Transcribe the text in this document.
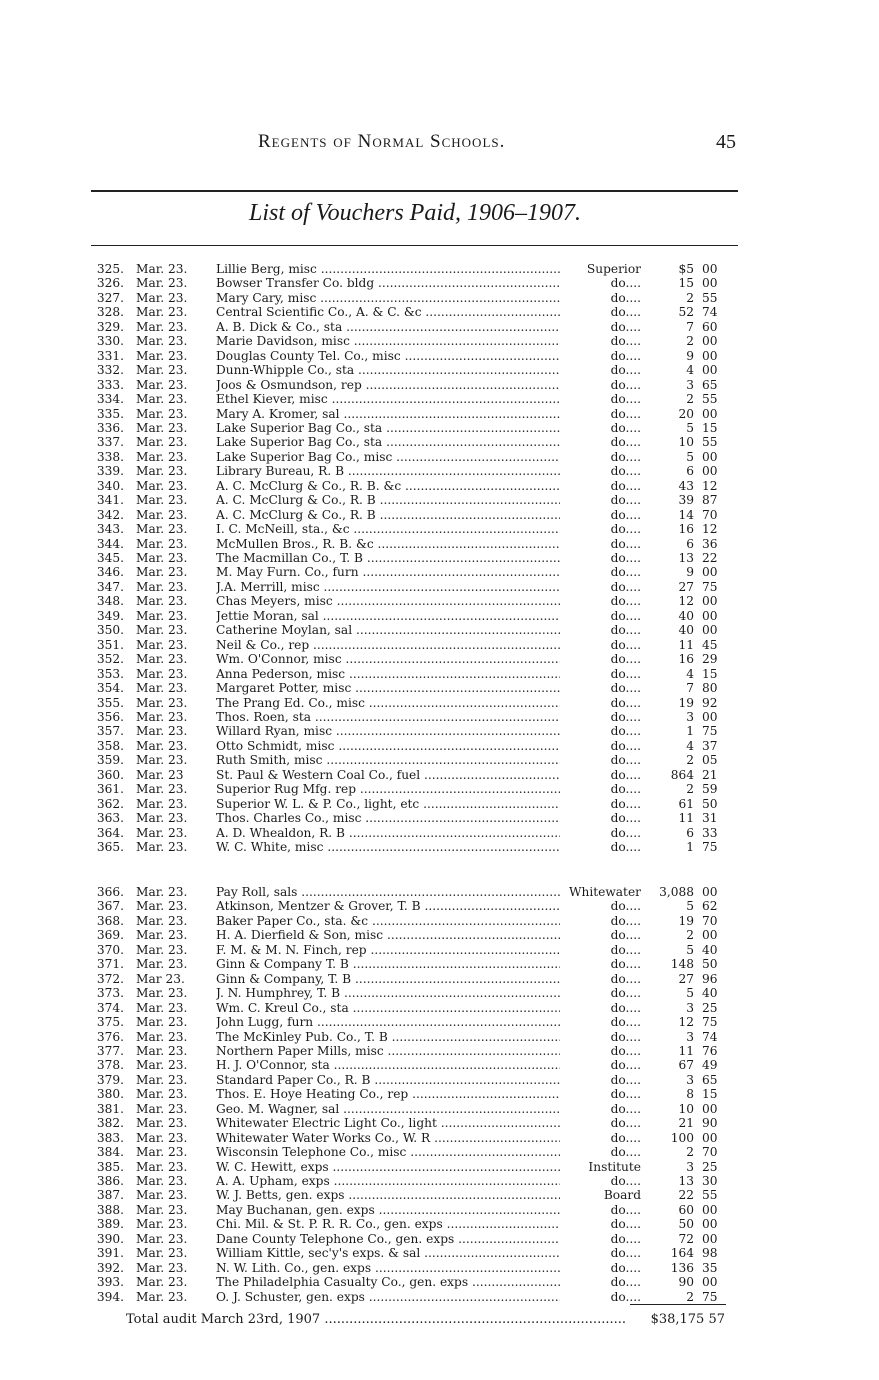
Regents of Normal Schools.	45
List of Vouchers Paid, 1906–1907.
325. Mar. 23.	Lillie Berg, misc .....	Superior	$5 00
326. Mar. 23.	Bowser Transfer Co. bldg .....	do....	15 00
327. Mar. 23.	Mary Cary, misc .....	do....	2 55
328. Mar. 23.	Central Scientific Co., A. & C. &c .....	do....	52 74
329. Mar. 23.	A. B. Dick & Co., sta .....	do....	7 60
330. Mar. 23.	Marie Davidson, misc .....	do....	2 00
331. Mar. 23.	Douglas County Tel. Co., misc .....	do....	9 00
332. Mar. 23.	Dunn-Whipple Co., sta .....	do....	4 00
333. Mar. 23.	Joos & Osmundson, rep .....	do....	3 65
334. Mar. 23.	Ethel Kiever, misc .....	do....	2 55
335. Mar. 23.	Mary A. Kromer, sal .....	do....	20 00
336. Mar. 23.	Lake Superior Bag Co., sta .....	do....	5 15
337. Mar. 23.	Lake Superior Bag Co., sta .....	do....	10 55
338. Mar. 23.	Lake Superior Bag Co., misc .....	do....	5 00
339. Mar. 23.	Library Bureau, R. B .....	do....	6 00
340. Mar. 23.	A. C. McClurg & Co., R. B. &c .....	do....	43 12
341. Mar. 23.	A. C. McClurg & Co., R. B .....	do....	39 87
342. Mar. 23.	A. C. McClurg & Co., R. B .....	do....	14 70
343. Mar. 23.	I. C. McNeill, sta., &c .....	do....	16 12
344. Mar. 23.	McMullen Bros., R. B. &c .....	do....	6 36
345. Mar. 23.	The Macmillan Co., T. B .....	do....	13 22
346. Mar. 23.	M. May Furn. Co., furn .....	do....	9 00
347. Mar. 23.	J.A. Merrill, misc .....	do....	27 75
348. Mar. 23.	Chas Meyers, misc .....	do....	12 00
349. Mar. 23.	Jettie Moran, sal .....	do....	40 00
350. Mar. 23.	Catherine Moylan, sal .....	do....	40 00
351. Mar. 23.	Neil & Co., rep .....	do....	11 45
352. Mar. 23.	Wm. O'Connor, misc .....	do....	16 29
353. Mar. 23.	Anna Pederson, misc .....	do....	4 15
354. Mar. 23.	Margaret Potter, misc .....	do....	7 80
355. Mar. 23.	The Prang Ed. Co., misc .....	do....	19 92
356. Mar. 23.	Thos. Roen, sta .....	do....	3 00
357. Mar. 23.	Willard Ryan, misc .....	do....	1 75
358. Mar. 23.	Otto Schmidt, misc .....	do....	4 37
359. Mar. 23.	Ruth Smith, misc .....	do....	2 05
360. Mar. 23	St. Paul & Western Coal Co., fuel .....	do....	864 21
361. Mar. 23.	Superior Rug Mfg. rep .....	do....	2 59
362. Mar. 23.	Superior W. L. & P. Co., light, etc .....	do....	61 50
363. Mar. 23.	Thos. Charles Co., misc .....	do....	11 31
364. Mar. 23.	A. D. Whealdon, R. B .....	do....	6 33
365. Mar. 23.	W. C. White, misc .....	do....	1 75
366. Mar. 23.	Pay Roll, sals .....	Whitewater	3,088 00
367. Mar. 23.	Atkinson, Mentzer & Grover, T. B .....	do....	5 62
368. Mar. 23.	Baker Paper Co., sta. &c .....	do....	19 70
369. Mar. 23.	H. A. Dierfield & Son, misc .....	do....	2 00
370. Mar. 23.	F. M. & M. N. Finch, rep .....	do....	5 40
371. Mar. 23.	Ginn & Company T. B .....	do....	148 50
372. Mar 23.	Ginn & Company, T. B .....	do....	27 96
373. Mar. 23.	J. N. Humphrey, T. B .....	do....	5 40
374. Mar. 23.	Wm. C. Kreul Co., sta .....	do....	3 25
375. Mar. 23.	John Lugg, furn .....	do....	12 75
376. Mar. 23.	The McKinley Pub. Co., T. B .....	do....	3 74
377. Mar. 23.	Northern Paper Mills, misc .....	do....	11 76
378. Mar. 23.	H. J. O'Connor, sta .....	do....	67 49
379. Mar. 23.	Standard Paper Co., R. B .....	do....	3 65
380. Mar. 23.	Thos. E. Hoye Heating Co., rep .....	do....	8 15
381. Mar. 23.	Geo. M. Wagner, sal .....	do....	10 00
382. Mar. 23.	Whitewater Electric Light Co., light .....	do....	21 90
383. Mar. 23.	Whitewater Water Works Co., W. R .....	do....	100 00
384. Mar. 23.	Wisconsin Telephone Co., misc .....	do....	2 70
385. Mar. 23.	W. C. Hewitt, exps .....	Institute	3 25
386. Mar. 23.	A. A. Upham, exps .....	do....	13 30
387. Mar. 23.	W. J. Betts, gen. exps .....	Board	22 55
388. Mar. 23.	May Buchanan, gen. exps .....	do....	60 00
389. Mar. 23.	Chi. Mil. & St. P. R. R. Co., gen. exps .....	do....	50 00
390. Mar. 23.	Dane County Telephone Co., gen. exps .....	do....	72 00
391. Mar. 23.	William Kittle, sec'y's exps. & sal .....	do....	164 98
392. Mar. 23.	N. W. Lith. Co., gen. exps .....	do....	136 35
393. Mar. 23.	The Philadelphia Casualty Co., gen. exps .....	do....	90 00
394. Mar. 23.	O. J. Schuster, gen. exps .....	do....	2 75
Total audit March 23rd, 1907 .....	$38,175 57
